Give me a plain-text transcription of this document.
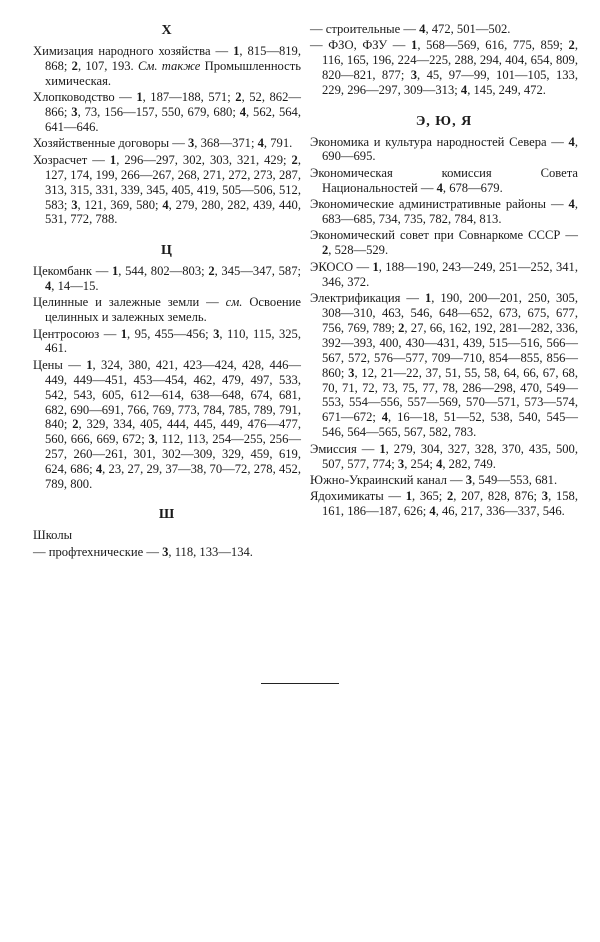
Х
Химизация народного хозяйства — 1, 815—819, 868; 2, 107, 193. См. также Промышленность химическая.
Хлопководство — 1, 187—188, 571; 2, 52, 862—866; 3, 73, 156—157, 550, 679, 680; 4, 562, 564, 641—646.
Хозяйственные договоры — 3, 368—371; 4, 791.
Хозрасчет — 1, 296—297, 302, 303, 321, 429; 2, 127, 174, 199, 266—267, 268, 271, 272, 273, 287, 313, 315, 331, 339, 345, 405, 419, 505—506, 512, 583; 3, 121, 369, 580; 4, 279, 280, 282, 439, 440, 531, 772, 788.
Ц
Цекомбанк — 1, 544, 802—803; 2, 345—347, 587; 4, 14—15.
Целинные и залежные земли — см. Освоение целинных и залежных земель.
Центросоюз — 1, 95, 455—456; 3, 110, 115, 325, 461.
Цены — 1, 324, 380, 421, 423—424, 428, 446—449, 449—451, 453—454, 462, 479, 497, 533, 542, 543, 605, 612—614, 638—648, 674, 681, 682, 690—691, 766, 769, 773, 784, 785, 789, 791, 840; 2, 329, 334, 405, 444, 445, 449, 476—477, 560, 666, 669, 672; 3, 112, 113, 254—255, 256—257, 260—261, 301, 302—309, 329, 459, 619, 624, 686; 4, 23, 27, 29, 37—38, 70—72, 278, 452, 789, 800.
Ш
Школы
— профтехнические — 3, 118, 133—134.
— строительные — 4, 472, 501—502.
— ФЗО, ФЗУ — 1, 568—569, 616, 775, 859; 2, 116, 165, 196, 224—225, 288, 294, 404, 654, 809, 820—821, 877; 3, 45, 97—99, 101—105, 133, 229, 296—297, 309—313; 4, 145, 249, 472.
Э, Ю, Я
Экономика и культура народностей Севера — 4, 690—695.
Экономическая комиссия Совета Национальностей — 4, 678—679.
Экономические административные районы — 4, 683—685, 734, 735, 782, 784, 813.
Экономический совет при Совнаркоме СССР — 2, 528—529.
ЭКОСО — 1, 188—190, 243—249, 251—252, 341, 346, 372.
Электрификация — 1, 190, 200—201, 250, 305, 308—310, 463, 546, 648—652, 673, 675, 677, 756, 769, 789; 2, 27, 66, 162, 192, 281—282, 336, 392—393, 400, 430—431, 439, 515—516, 566—567, 572, 576—577, 709—710, 854—855, 856—860; 3, 12, 21—22, 37, 51, 55, 58, 64, 66, 67, 68, 70, 71, 72, 73, 75, 77, 78, 286—298, 470, 549—553, 554—556, 557—569, 570—571, 573—574, 671—672; 4, 16—18, 51—52, 538, 540, 545—546, 564—565, 567, 582, 783.
Эмиссия — 1, 279, 304, 327, 328, 370, 435, 500, 507, 577, 774; 3, 254; 4, 282, 749.
Южно-Украинский канал — 3, 549—553, 681.
Ядохимикаты — 1, 365; 2, 207, 828, 876; 3, 158, 161, 186—187, 626; 4, 46, 217, 336—337, 546.
